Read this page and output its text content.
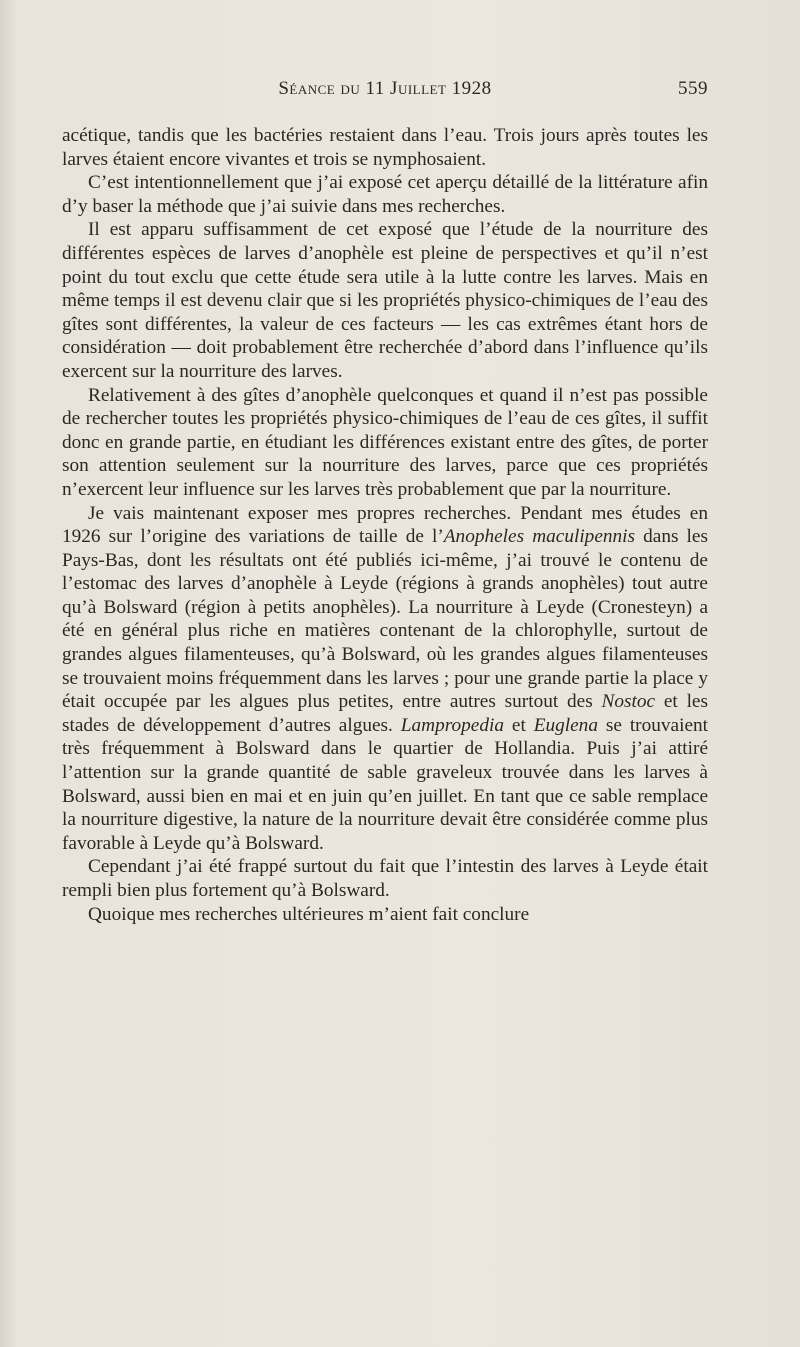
Séance du 11 Juillet 1928	559

acétique, tandis que les bactéries restaient dans l’eau. Trois jours après toutes les larves étaient encore vivantes et trois se nymphosaient.

C’est intentionnellement que j’ai exposé cet aperçu détaillé de la littérature afin d’y baser la méthode que j’ai suivie dans mes recherches.

Il est apparu suffisamment de cet exposé que l’étude de la nourriture des différentes espèces de larves d’anophèle est pleine de perspectives et qu’il n’est point du tout exclu que cette étude sera utile à la lutte contre les larves. Mais en même temps il est devenu clair que si les propriétés physico-chimiques de l’eau des gîtes sont différentes, la valeur de ces facteurs — les cas extrêmes étant hors de considération — doit probablement être recherchée d’abord dans l’influence qu’ils exercent sur la nourriture des larves.

Relativement à des gîtes d’anophèle quelconques et quand il n’est pas possible de rechercher toutes les propriétés physico-chimiques de l’eau de ces gîtes, il suffit donc en grande partie, en étudiant les différences existant entre des gîtes, de porter son attention seulement sur la nourriture des larves, parce que ces propriétés n’exercent leur influence sur les larves très probablement que par la nourriture.

Je vais maintenant exposer mes propres recherches. Pendant mes études en 1926 sur l’origine des variations de taille de l’Anopheles maculipennis dans les Pays-Bas, dont les résultats ont été publiés ici-même, j’ai trouvé le contenu de l’estomac des larves d’anophèle à Leyde (régions à grands anophèles) tout autre qu’à Bolsward (région à petits anophèles). La nourriture à Leyde (Cronesteyn) a été en général plus riche en matières contenant de la chlorophylle, surtout de grandes algues filamenteuses, qu’à Bolsward, où les grandes algues filamenteuses se trouvaient moins fréquemment dans les larves ; pour une grande partie la place y était occupée par les algues plus petites, entre autres surtout des Nostoc et les stades de développement d’autres algues. Lampropedia et Euglena se trouvaient très fréquemment à Bolsward dans le quartier de Hollandia. Puis j’ai attiré l’attention sur la grande quantité de sable graveleux trouvée dans les larves à Bolsward, aussi bien en mai et en juin qu’en juillet. En tant que ce sable remplace la nourriture digestive, la nature de la nourriture devait être considérée comme plus favorable à Leyde qu’à Bolsward.

Cependant j’ai été frappé surtout du fait que l’intestin des larves à Leyde était rempli bien plus fortement qu’à Bolsward.

Quoique mes recherches ultérieures m’aient fait conclure
